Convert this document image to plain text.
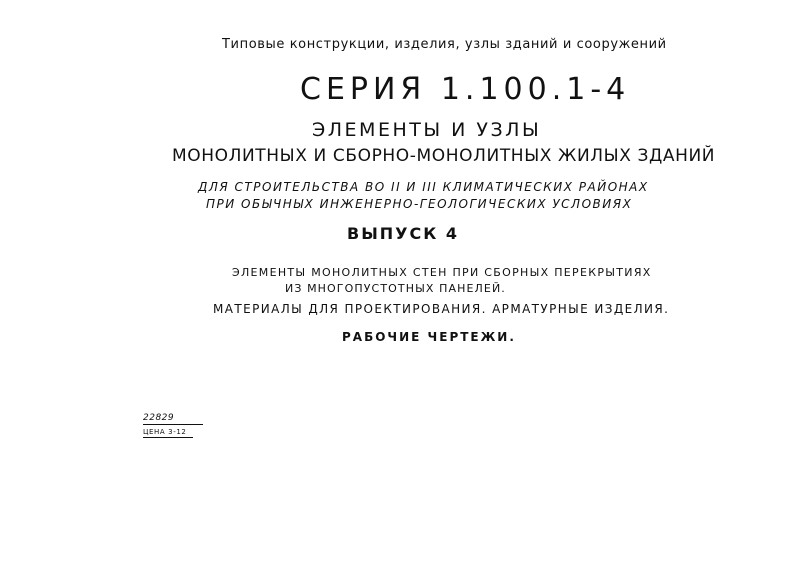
Типовые конструкции, изделия, узлы зданий и сооружений
СЕРИЯ 1.100.1-4
ЭЛЕМЕНТЫ И УЗЛЫ
МОНОЛИТНЫХ И СБОРНО-МОНОЛИТНЫХ ЖИЛЫХ ЗДАНИЙ
ДЛЯ СТРОИТЕЛЬСТВА ВО II И III КЛИМАТИЧЕСКИХ РАЙОНАХ
ПРИ ОБЫЧНЫХ ИНЖЕНЕРНО-ГЕОЛОГИЧЕСКИХ УСЛОВИЯХ
ВЫПУСК 4
ЭЛЕМЕНТЫ МОНОЛИТНЫХ СТЕН ПРИ СБОРНЫХ ПЕРЕКРЫТИЯХ
ИЗ МНОГОПУСТОТНЫХ ПАНЕЛЕЙ.
МАТЕРИАЛЫ ДЛЯ ПРОЕКТИРОВАНИЯ. АРМАТУРНЫЕ ИЗДЕЛИЯ.
РАБОЧИЕ ЧЕРТЕЖИ.
22829
ЦЕНА 3-12
